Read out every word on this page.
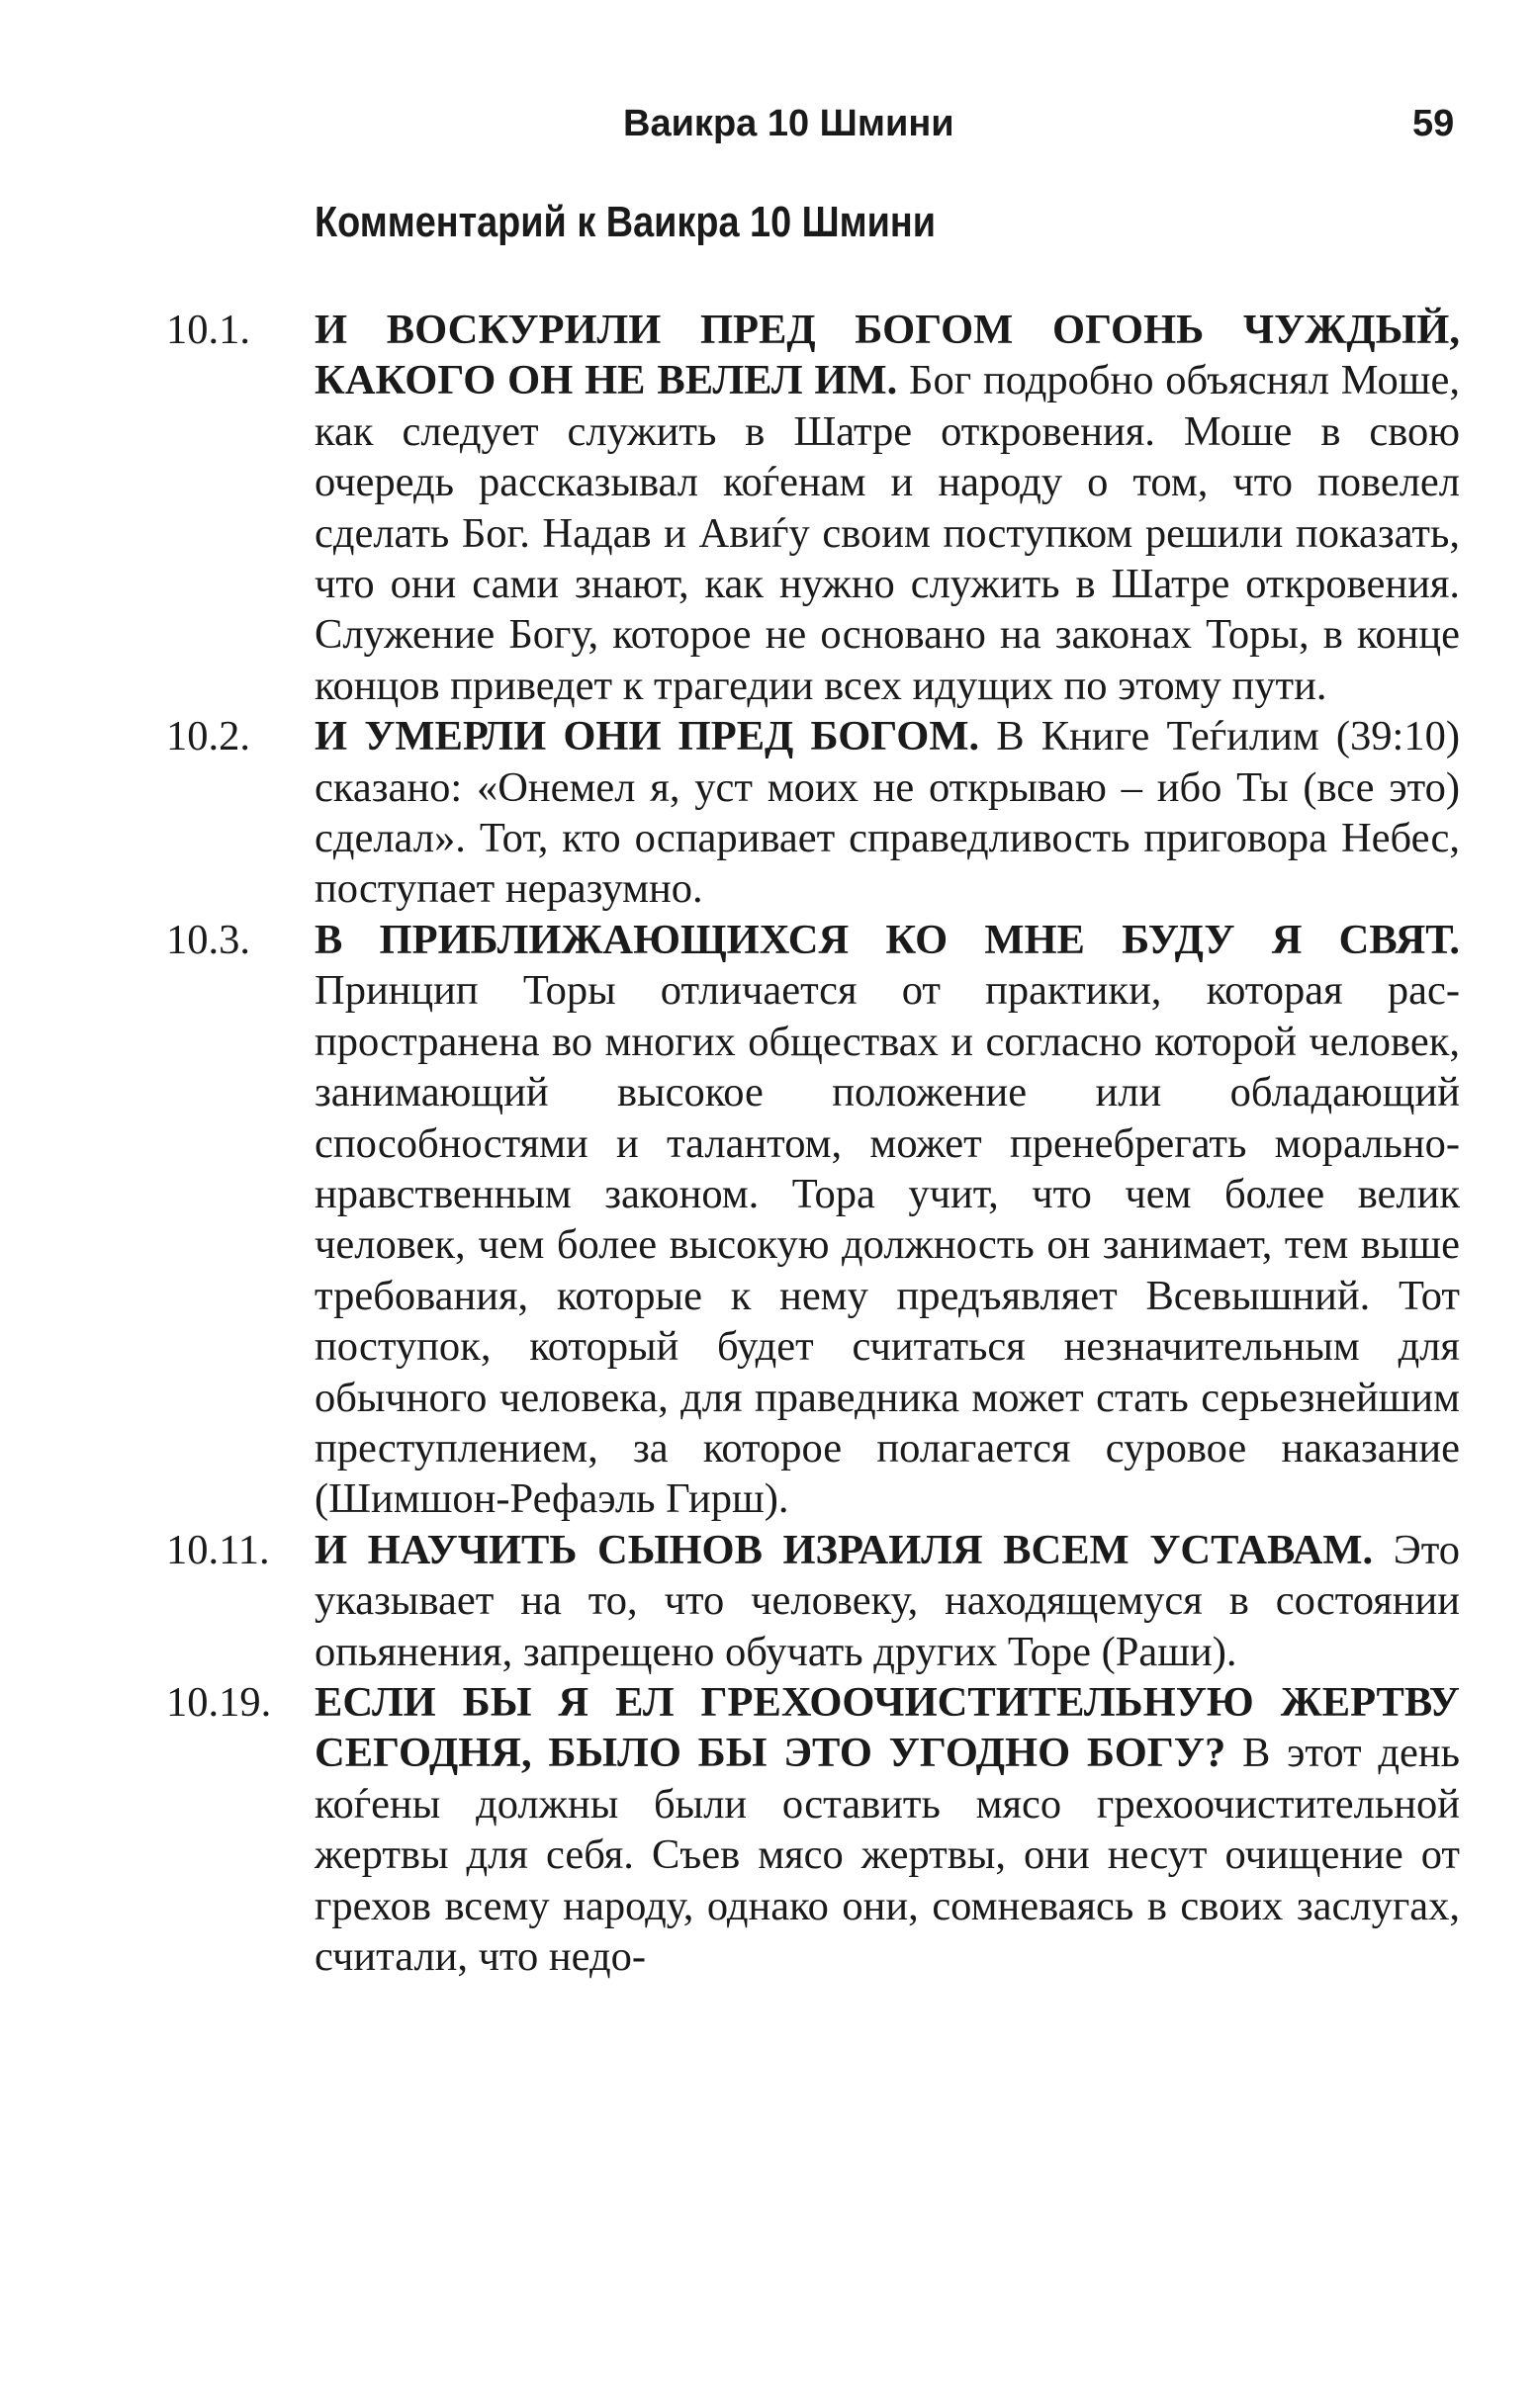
Ваикра 10 Шмини	59
Комментарий к Ваикра 10 Шмини
10.1.	И ВОСКУРИЛИ ПРЕД БОГОМ ОГОНЬ ЧУЖДЫЙ, КАКОГО ОН НЕ ВЕЛЕЛ ИМ. Бог подробно объяснял Моше, как следует служить в Шатре откровения. Моше в свою очередь рассказывал коѓенам и народу о том, что повелел сделать Бог. Надав и Авиѓу своим поступком решили показать, что они сами знают, как нужно служить в Шатре откровения. Служение Богу, которое не основано на законах Торы, в конце концов приведет к трагедии всех идущих по этому пути.
10.2.	И УМЕРЛИ ОНИ ПРЕД БОГОМ. В Книге Теѓилим (39:10) сказано: «Онемел я, уст моих не открываю – ибо Ты (все это) сделал». Тот, кто оспаривает справедливость приговора Небес, поступает неразумно.
10.3.	В ПРИБЛИЖАЮЩИХСЯ КО МНЕ БУДУ Я СВЯТ. Принцип Торы отличается от практики, которая распространена во многих обществах и согласно которой человек, занимающий высокое положение или обладающий способностями и талантом, может пренебрегать морально-нравственным законом. Тора учит, что чем более велик человек, чем более высокую должность он занимает, тем выше требования, которые к нему предъявляет Всевышний. Тот поступок, который будет считаться незначительным для обычного человека, для праведника может стать серьезнейшим преступлением, за которое полагается суровое наказание (Шимшон-Рефаэль Гирш).
10.11.	И НАУЧИТЬ СЫНОВ ИЗРАИЛЯ ВСЕМ УСТАВАМ. Это указывает на то, что человеку, находящемуся в состоянии опьянения, запрещено обучать других Торе (Раши).
10.19.	ЕСЛИ БЫ Я ЕЛ ГРЕХООЧИСТИТЕЛЬНУЮ ЖЕРТВУ СЕГОДНЯ, БЫЛО БЫ ЭТО УГОДНО БОГУ? В этот день коѓены должны были оставить мясо грехоочистительной жертвы для себя. Съев мясо жертвы, они несут очищение от грехов всему народу, однако они, сомневаясь в своих заслугах, считали, что недо-
